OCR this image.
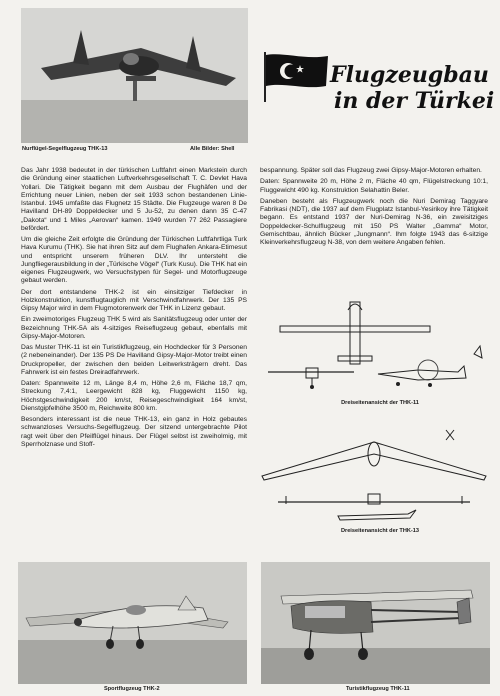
Nurflügel-Segelflugzeug THK-13	Alle Bilder: Shell
Flugzeugbau
in der Türkei

Das Jahr 1938 bedeutet in der türkischen Luftfahrt einen Markstein durch die Gründung einer staatlichen Luftverkehrsgesellschaft T. C. Devlet Hava Yollari. Die Tätigkeit begann mit dem Ausbau der Flughäfen und der Errichtung neuer Linien, neben der seit 1933 schon bestandenen Linie-Istanbul. 1945 umfaßte das Flugnetz 15 Städte. Die Flugzeuge waren 8 De Havilland DH-89 Doppeldecker und 5 Ju-52, zu denen dann 35 C-47 „Dakota“ und 1 Miles „Aerovan“ kamen. 1949 wurden 77 262 Passagiere befördert.

Um die gleiche Zeit erfolgte die Gründung der Türkischen Luftfahrtliga Turk Hava Kurumu (THK). Sie hat ihren Sitz auf dem Flughafen Ankara-Etimesut und entspricht unserem früheren DLV. Ihr untersteht die Jungfliegerausbildung in der „Türkische Vögel“ (Turk Kusu). Die THK hat ein eigenes Flugzeugwerk, wo Versuchstypen für Segel- und Motorflugzeuge gebaut werden.

Der dort entstandene THK-2 ist ein einsitziger Tiefdecker in Holzkonstruktion, kunstflugtauglich mit Verschwindfahrwerk. Der 135 PS Gipsy Major wird in dem Flugmotorenwerk der THK in Lizenz gebaut.

Ein zweimotoriges Flugzeug THK 5 wird als Sanitätsflugzeug oder unter der Bezeichnung THK-5A als 4-sitziges Reiseflugzeug gebaut, ebenfalls mit Gipsy-Major-Motoren.

Das Muster THK-11 ist ein Turistikflugzeug, ein Hochdecker für 3 Personen (2 nebeneinander). Der 135 PS De Havilland Gipsy-Major-Motor treibt einen Druckpropeller, der zwischen den beiden Leitwerksträgern dreht. Das Fahrwerk ist ein festes Dreiradfahrwerk.

Daten: Spannweite 12 m, Länge 8,4 m, Höhe 2,6 m, Fläche 18,7 qm, Streckung 7,4:1, Leergewicht 828 kg, Fluggewicht 1150 kg, Höchstgeschwindigkeit 200 km/st, Reisegeschwindigkeit 164 km/st, Dienstgipfelhöhe 3500 m, Reichweite 800 km.

Besonders interessant ist die neue THK-13, ein ganz in Holz gebautes schwanzloses Versuchs-Segelflugzeug. Der sitzend untergebrachte Pilot ragt weit über den Pfeilflügel hinaus. Der Flügel selbst ist zweiholmig, mit Sperrholznase und Stoff-

bespannung. Später soll das Flugzeug zwei Gipsy-Major-Motoren erhalten.

Daten: Spannweite 20 m, Höhe 2 m, Fläche 40 qm, Flügelstreckung 10:1, Fluggewicht 490 kg. Konstruktion Selahattin Beler.

Daneben besteht als Flugzeugwerk noch die Nuri Demirag Taggyare Fabrikasi (NDT), die 1937 auf dem Flugplatz Istanbul-Yesirikoy ihre Tätigkeit begann. Es entstand 1937 der Nuri-Demirag N-36, ein zweisitziges Doppeldecker-Schulflugzeug mit 150 PS Walter „Gamma“ Motor, Gemischtbau, ähnlich Bücker „Jungmann“. Ihm folgte 1943 das 6-sitzige Kleinverkehrsflugzeug N-38, von dem weitere Angaben fehlen.

Dreiseitenansicht der THK-11
Dreiseitenansicht der THK-13
Sportflugzeug THK-2	Turistikflugzeug THK-11
